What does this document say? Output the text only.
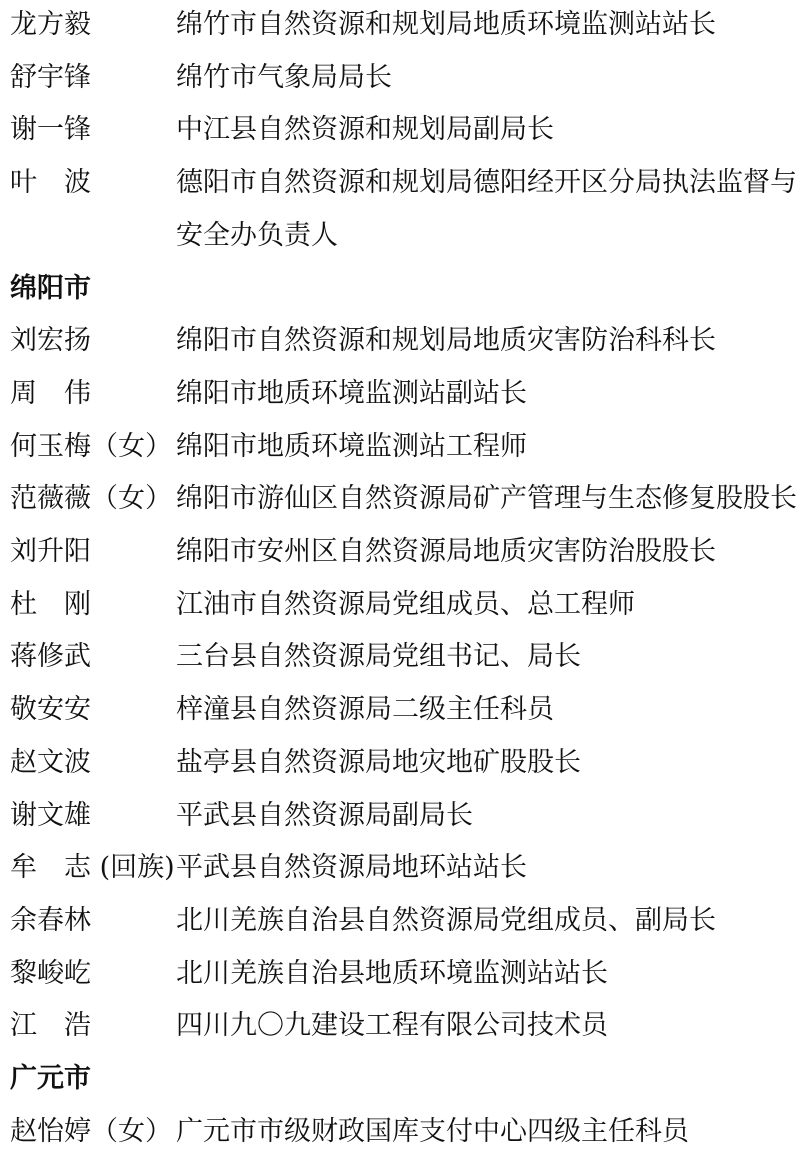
龙方毅	绵竹市自然资源和规划局地质环境监测站站长
舒宇锋	绵竹市气象局局长
谢一锋	中江县自然资源和规划局副局长
叶　波	德阳市自然资源和规划局德阳经开区分局执法监督与
安全办负责人
绵阳市
刘宏扬	绵阳市自然资源和规划局地质灾害防治科科长
周　伟	绵阳市地质环境监测站副站长
何玉梅（女） 绵阳市地质环境监测站工程师
范薇薇（女） 绵阳市游仙区自然资源局矿产管理与生态修复股股长
刘升阳	绵阳市安州区自然资源局地质灾害防治股股长
杜　刚	江油市自然资源局党组成员、总工程师
蒋修武	三台县自然资源局党组书记、局长
敬安安	梓潼县自然资源局二级主任科员
赵文波	盐亭县自然资源局地灾地矿股股长
谢文雄	平武县自然资源局副局长
牟　志 (回族) 平武县自然资源局地环站站长
余春林	北川羌族自治县自然资源局党组成员、副局长
黎峻屹	北川羌族自治县地质环境监测站站长
江　浩	四川九〇九建设工程有限公司技术员
广元市
赵怡婷（女） 广元市市级财政国库支付中心四级主任科员
